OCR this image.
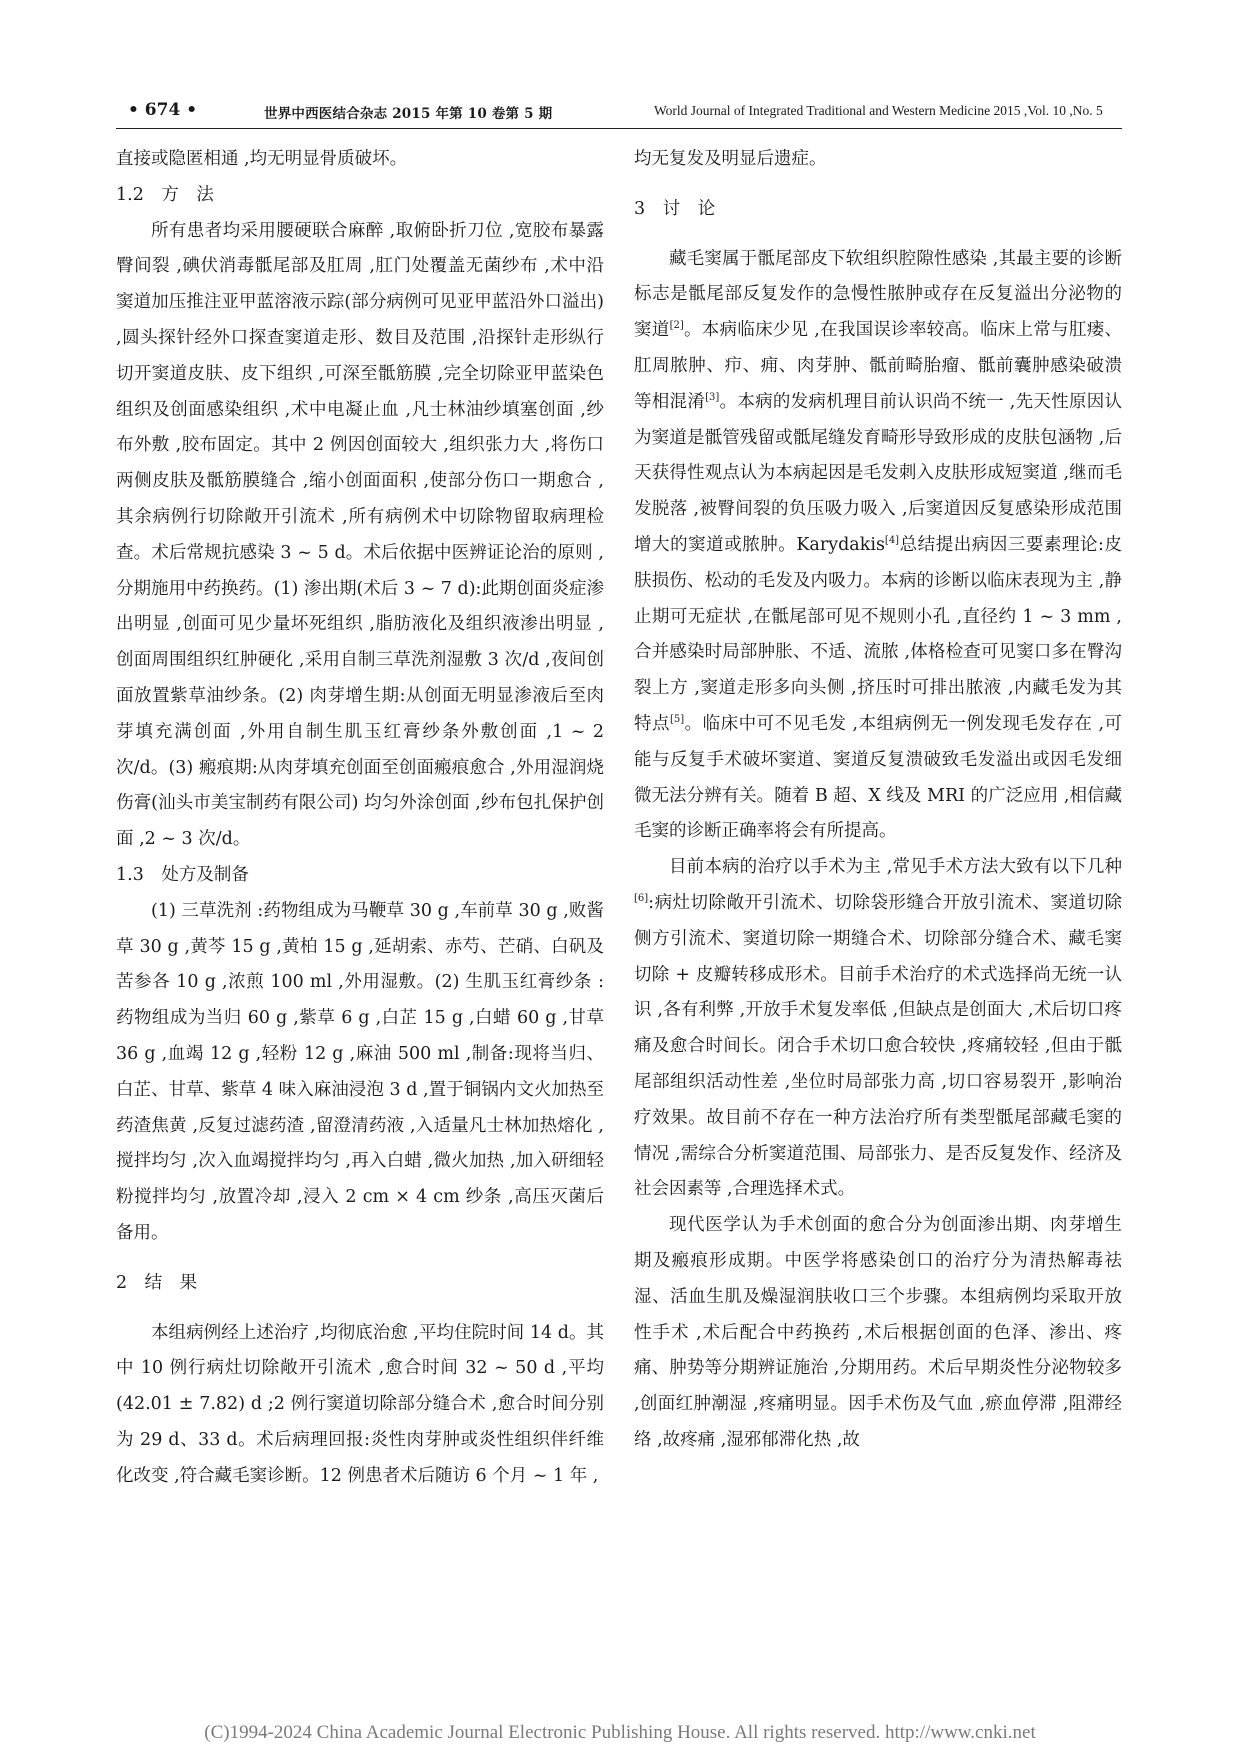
• 674 •	世界中西医结合杂志 2015 年第 10 卷第 5 期	World Journal of Integrated Traditional and Western Medicine 2015 ,Vol. 10 ,No. 5

直接或隐匿相通 ,均无明显骨质破坏。

1.2　方　法

所有患者均采用腰硬联合麻醉 ,取俯卧折刀位 ,宽胶布暴露臀间裂 ,碘伏消毒骶尾部及肛周 ,肛门处覆盖无菌纱布 ,术中沿窦道加压推注亚甲蓝溶液示踪(部分病例可见亚甲蓝沿外口溢出) ,圆头探针经外口探查窦道走形、数目及范围 ,沿探针走形纵行切开窦道皮肤、皮下组织 ,可深至骶筋膜 ,完全切除亚甲蓝染色组织及创面感染组织 ,术中电凝止血 ,凡士林油纱填塞创面 ,纱布外敷 ,胶布固定。其中 2 例因创面较大 ,组织张力大 ,将伤口两侧皮肤及骶筋膜缝合 ,缩小创面面积 ,使部分伤口一期愈合 ,其余病例行切除敞开引流术 ,所有病例术中切除物留取病理检查。术后常规抗感染 3 ~ 5 d。术后依据中医辨证论治的原则 ,分期施用中药换药。(1) 渗出期(术后 3 ~ 7 d):此期创面炎症渗出明显 ,创面可见少量坏死组织 ,脂肪液化及组织液渗出明显 ,创面周围组织红肿硬化 ,采用自制三草洗剂湿敷 3 次/d ,夜间创面放置紫草油纱条。(2) 肉芽增生期:从创面无明显渗液后至肉芽填充满创面 ,外用自制生肌玉红膏纱条外敷创面 ,1 ~ 2 次/d。(3) 瘢痕期:从肉芽填充创面至创面瘢痕愈合 ,外用湿润烧伤膏(汕头市美宝制药有限公司) 均匀外涂创面 ,纱布包扎保护创面 ,2 ~ 3 次/d。

1.3　处方及制备

(1) 三草洗剂 :药物组成为马鞭草 30 g ,车前草 30 g ,败酱草 30 g ,黄芩 15 g ,黄柏 15 g ,延胡索、赤芍、芒硝、白矾及苦参各 10 g ,浓煎 100 ml ,外用湿敷。(2) 生肌玉红膏纱条 :药物组成为当归 60 g ,紫草 6 g ,白芷 15 g ,白蜡 60 g ,甘草 36 g ,血竭 12 g ,轻粉 12 g ,麻油 500 ml ,制备:现将当归、白芷、甘草、紫草 4 味入麻油浸泡 3 d ,置于铜锅内文火加热至药渣焦黄 ,反复过滤药渣 ,留澄清药液 ,入适量凡士林加热熔化 ,搅拌均匀 ,次入血竭搅拌均匀 ,再入白蜡 ,微火加热 ,加入研细轻粉搅拌均匀 ,放置冷却 ,浸入 2 cm × 4 cm 纱条 ,高压灭菌后备用。

2　结　果

本组病例经上述治疗 ,均彻底治愈 ,平均住院时间 14 d。其中 10 例行病灶切除敞开引流术 ,愈合时间 32 ~ 50 d ,平均(42.01 ± 7.82) d ;2 例行窦道切除部分缝合术 ,愈合时间分别为 29 d、33 d。术后病理回报:炎性肉芽肿或炎性组织伴纤维化改变 ,符合藏毛窦诊断。12 例患者术后随访 6 个月 ~ 1 年 ,

均无复发及明显后遗症。

3　讨　论

藏毛窦属于骶尾部皮下软组织腔隙性感染 ,其最主要的诊断标志是骶尾部反复发作的急慢性脓肿或存在反复溢出分泌物的窦道[2]。本病临床少见 ,在我国误诊率较高。临床上常与肛瘘、肛周脓肿、疖、痈、肉芽肿、骶前畸胎瘤、骶前囊肿感染破溃等相混淆[3]。本病的发病机理目前认识尚不统一 ,先天性原因认为窦道是骶管残留或骶尾缝发育畸形导致形成的皮肤包涵物 ,后天获得性观点认为本病起因是毛发刺入皮肤形成短窦道 ,继而毛发脱落 ,被臀间裂的负压吸力吸入 ,后窦道因反复感染形成范围增大的窦道或脓肿。Karydakis[4]总结提出病因三要素理论:皮肤损伤、松动的毛发及内吸力。本病的诊断以临床表现为主 ,静止期可无症状 ,在骶尾部可见不规则小孔 ,直径约 1 ~ 3 mm ,合并感染时局部肿胀、不适、流脓 ,体格检查可见窦口多在臀沟裂上方 ,窦道走形多向头侧 ,挤压时可排出脓液 ,内藏毛发为其特点[5]。临床中可不见毛发 ,本组病例无一例发现毛发存在 ,可能与反复手术破坏窦道、窦道反复溃破致毛发溢出或因毛发细微无法分辨有关。随着 B 超、X 线及 MRI 的广泛应用 ,相信藏毛窦的诊断正确率将会有所提高。

目前本病的治疗以手术为主 ,常见手术方法大致有以下几种[6]:病灶切除敞开引流术、切除袋形缝合开放引流术、窦道切除侧方引流术、窦道切除一期缝合术、切除部分缝合术、藏毛窦切除 + 皮瓣转移成形术。目前手术治疗的术式选择尚无统一认识 ,各有利弊 ,开放手术复发率低 ,但缺点是创面大 ,术后切口疼痛及愈合时间长。闭合手术切口愈合较快 ,疼痛较轻 ,但由于骶尾部组织活动性差 ,坐位时局部张力高 ,切口容易裂开 ,影响治疗效果。故目前不存在一种方法治疗所有类型骶尾部藏毛窦的情况 ,需综合分析窦道范围、局部张力、是否反复发作、经济及社会因素等 ,合理选择术式。

现代医学认为手术创面的愈合分为创面渗出期、肉芽增生期及瘢痕形成期。中医学将感染创口的治疗分为清热解毒祛湿、活血生肌及燥湿润肤收口三个步骤。本组病例均采取开放性手术 ,术后配合中药换药 ,术后根据创面的色泽、渗出、疼痛、肿势等分期辨证施治 ,分期用药。术后早期炎性分泌物较多 ,创面红肿潮湿 ,疼痛明显。因手术伤及气血 ,瘀血停滞 ,阻滞经络 ,故疼痛 ,湿邪郁滞化热 ,故

(C)1994-2024 China Academic Journal Electronic Publishing House. All rights reserved. http://www.cnki.net
